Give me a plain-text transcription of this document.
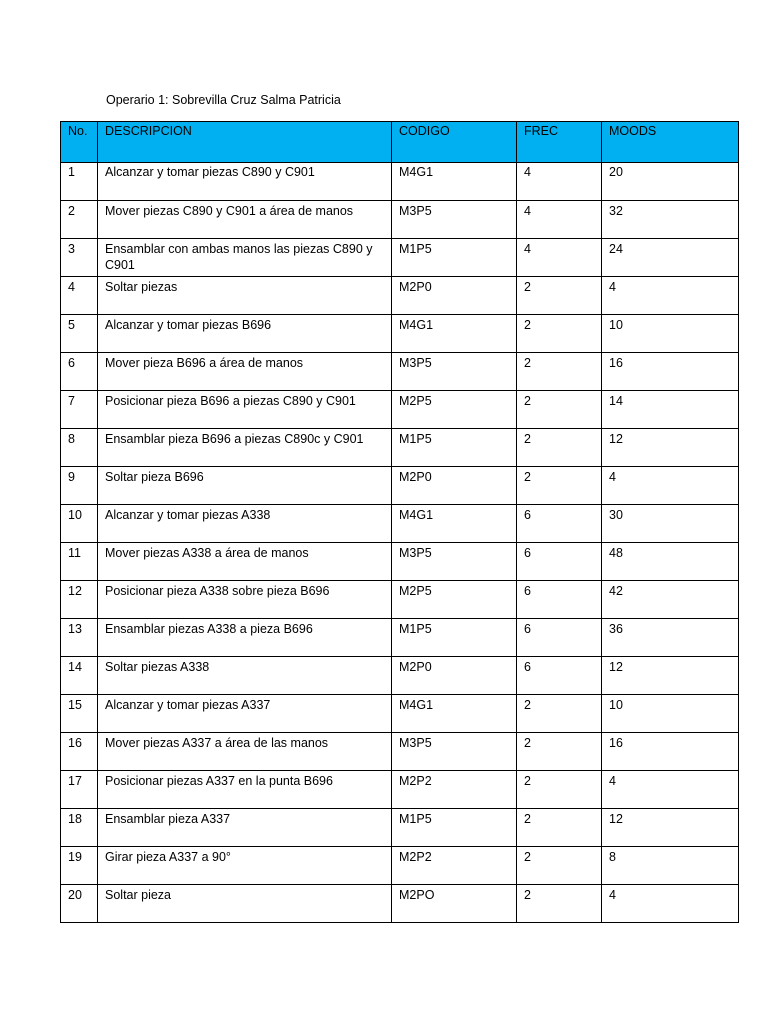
Operario 1: Sobrevilla Cruz Salma Patricia
No.	DESCRIPCION	CODIGO	FREC	MOODS
1	Alcanzar y tomar piezas C890 y C901	M4G1	4	20
2	Mover piezas C890 y C901 a área de manos	M3P5	4	32
3	Ensamblar con ambas manos las piezas C890 y C901	M1P5	4	24
4	Soltar piezas	M2P0	2	4
5	Alcanzar y tomar piezas B696	M4G1	2	10
6	Mover pieza B696 a área de manos	M3P5	2	16
7	Posicionar pieza B696 a piezas C890 y C901	M2P5	2	14
8	Ensamblar pieza B696 a piezas C890c y C901	M1P5	2	12
9	Soltar pieza B696	M2P0	2	4
10	Alcanzar y tomar piezas A338	M4G1	6	30
11	Mover piezas A338 a área de manos	M3P5	6	48
12	Posicionar pieza A338 sobre pieza B696	M2P5	6	42
13	Ensamblar piezas A338 a pieza B696	M1P5	6	36
14	Soltar piezas A338	M2P0	6	12
15	Alcanzar y tomar piezas A337	M4G1	2	10
16	Mover piezas A337 a área de las manos	M3P5	2	16
17	Posicionar piezas A337 en la punta B696	M2P2	2	4
18	Ensamblar pieza A337	M1P5	2	12
19	Girar pieza A337 a 90°	M2P2	2	8
20	Soltar pieza	M2PO	2	4
